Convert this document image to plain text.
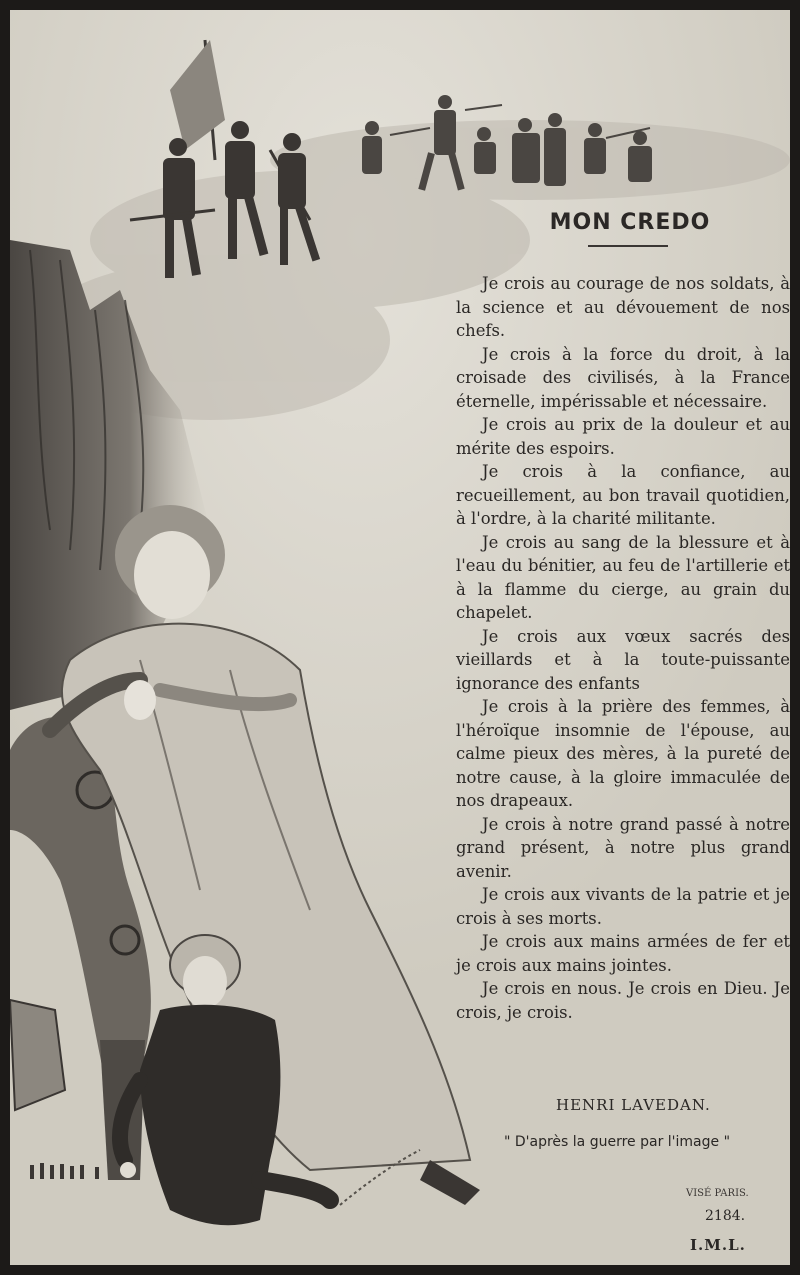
MON CREDO

Je crois au courage de nos soldats, à la science et au dévouement de nos chefs.

Je crois à la force du droit, à la croisade des civilisés, à la France éternelle, impérissable et nécessaire.

Je crois au prix de la douleur et au mérite des espoirs.

Je crois à la confiance, au recueillement, au bon travail quotidien, à l'ordre, à la charité militante.

Je crois au sang de la blessure et à l'eau du bénitier, au feu de l'artillerie et à la flamme du cierge, au grain du chapelet.

Je crois aux vœux sacrés des vieillards et à la toute-puissante ignorance des enfants

Je crois à la prière des femmes, à l'héroïque insomnie de l'épouse, au calme pieux des mères, à la pureté de notre cause, à la gloire immaculée de nos drapeaux.

Je crois à notre grand passé à notre grand présent, à notre plus grand avenir.

Je crois aux vivants de la patrie et je crois à ses morts.

Je crois aux mains armées de fer et je crois aux mains jointes.

Je crois en nous. Je crois en Dieu. Je crois, je crois.

HENRI LAVEDAN.
" D'après la guerre par l'image "
VISÉ PARIS.
2184.
I.M.L.
